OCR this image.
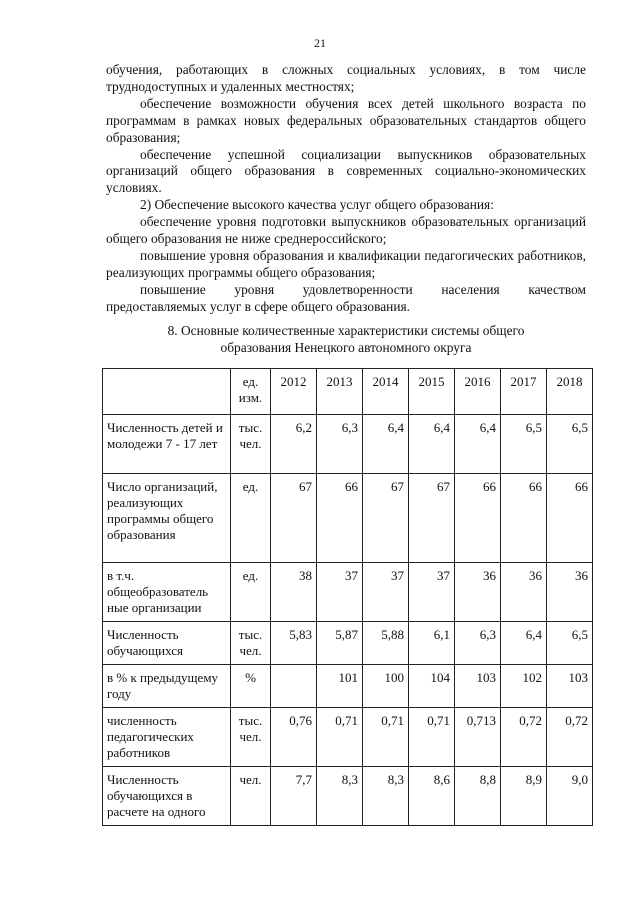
21
обучения, работающих в сложных социальных условиях, в том числе труднодоступных и удаленных местностях;
обеспечение возможности обучения всех детей школьного возраста по программам в рамках новых федеральных образовательных стандартов общего образования;
обеспечение успешной социализации выпускников образовательных организаций общего образования в современных социально-экономических условиях.
2) Обеспечение высокого качества услуг общего образования:
обеспечение уровня подготовки выпускников образовательных организаций общего образования не ниже среднероссийского;
повышение уровня образования и квалификации педагогических работников, реализующих программы общего образования;
повышение уровня удовлетворенности населения качеством предоставляемых услуг в сфере общего образования.
8. Основные количественные характеристики системы общего
образования Ненецкого автономного округа
	ед. изм.	2012	2013	2014	2015	2016	2017	2018
Численность детей и молодежи 7 - 17 лет	тыс. чел.	6,2	6,3	6,4	6,4	6,4	6,5	6,5
Число организаций, реализующих программы общего образования	ед.	67	66	67	67	66	66	66
в т.ч. общеобразователь ные организации	ед.	38	37	37	37	36	36	36
Численность обучающихся	тыс. чел.	5,83	5,87	5,88	6,1	6,3	6,4	6,5
в % к предыдущему году	%		101	100	104	103	102	103
численность педагогических работников	тыс. чел.	0,76	0,71	0,71	0,71	0,713	0,72	0,72
Численность обучающихся в расчете на одного	чел.	7,7	8,3	8,3	8,6	8,8	8,9	9,0
